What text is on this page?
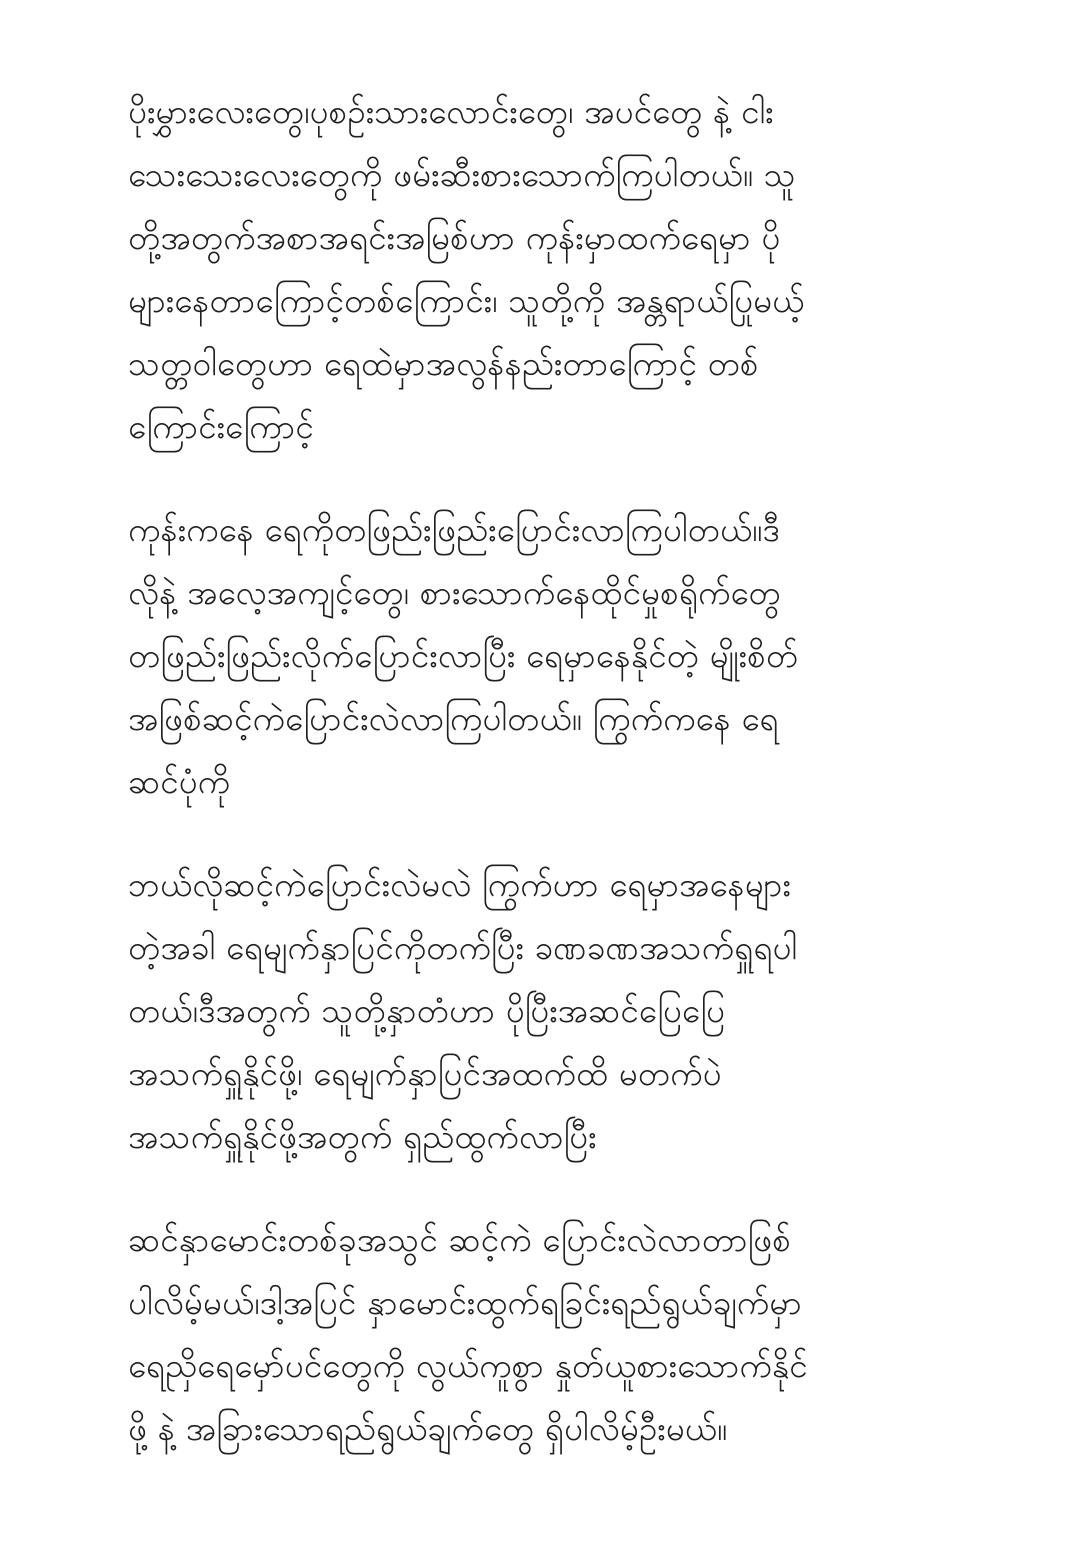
ပိုးမွှားလေးတွေ၊ပုစဉ်းသားလောင်းတွေ၊ အပင်တွေ နဲ့ ငါး
သေးသေးလေးတွေကို ဖမ်းဆီးစားသောက်ကြပါတယ်။ သူ
တို့အတွက်အစာအရင်းအမြစ်ဟာ ကုန်းမှာထက်ရေမှာ ပို
များနေတာကြောင့်တစ်ကြောင်း၊ သူတို့ကို အန္တရာယ်ပြုမယ့်
သတ္တဝါတွေဟာ ရေထဲမှာအလွန်နည်းတာကြောင့် တစ်
ကြောင်းကြောင့်

ကုန်းကနေ ရေကိုတဖြည်းဖြည်းပြောင်းလာကြပါတယ်။ဒီ
လိုနဲ့ အလေ့အကျင့်တွေ၊ စားသောက်နေထိုင်မှုစရိုက်တွေ
တဖြည်းဖြည်းလိုက်ပြောင်းလာပြီး ရေမှာနေနိုင်တဲ့ မျိုးစိတ်
အဖြစ်ဆင့်ကဲပြောင်းလဲလာကြပါတယ်။ ကြွက်ကနေ ရေ
ဆင်ပုံကို

ဘယ်လိုဆင့်ကဲပြောင်းလဲမလဲ ကြွက်ဟာ ရေမှာအနေများ
တဲ့အခါ ရေမျက်နှာပြင်ကိုတက်ပြီး ခဏခဏအသက်ရှူရပါ
တယ်၊ဒီအတွက် သူတို့နှာတံဟာ ပိုပြီးအဆင်ပြေပြေ
အသက်ရှူနိုင်ဖို့၊ ရေမျက်နှာပြင်အထက်ထိ မတက်ပဲ
အသက်ရှူနိုင်ဖို့အတွက် ရှည်ထွက်လာပြီး

ဆင်နှာမောင်းတစ်ခုအသွင် ဆင့်ကဲ ပြောင်းလဲလာတာဖြစ်
ပါလိမ့်မယ်၊ဒါ့အပြင် နှာမောင်းထွက်ရခြင်းရည်ရွယ်ချက်မှာ
ရေညှိရေမှော်ပင်တွေကို လွယ်ကူစွာ နှုတ်ယူစားသောက်နိုင်
ဖို့ နဲ့ အခြားသောရည်ရွယ်ချက်တွေ ရှိပါလိမ့်ဦးမယ်။
